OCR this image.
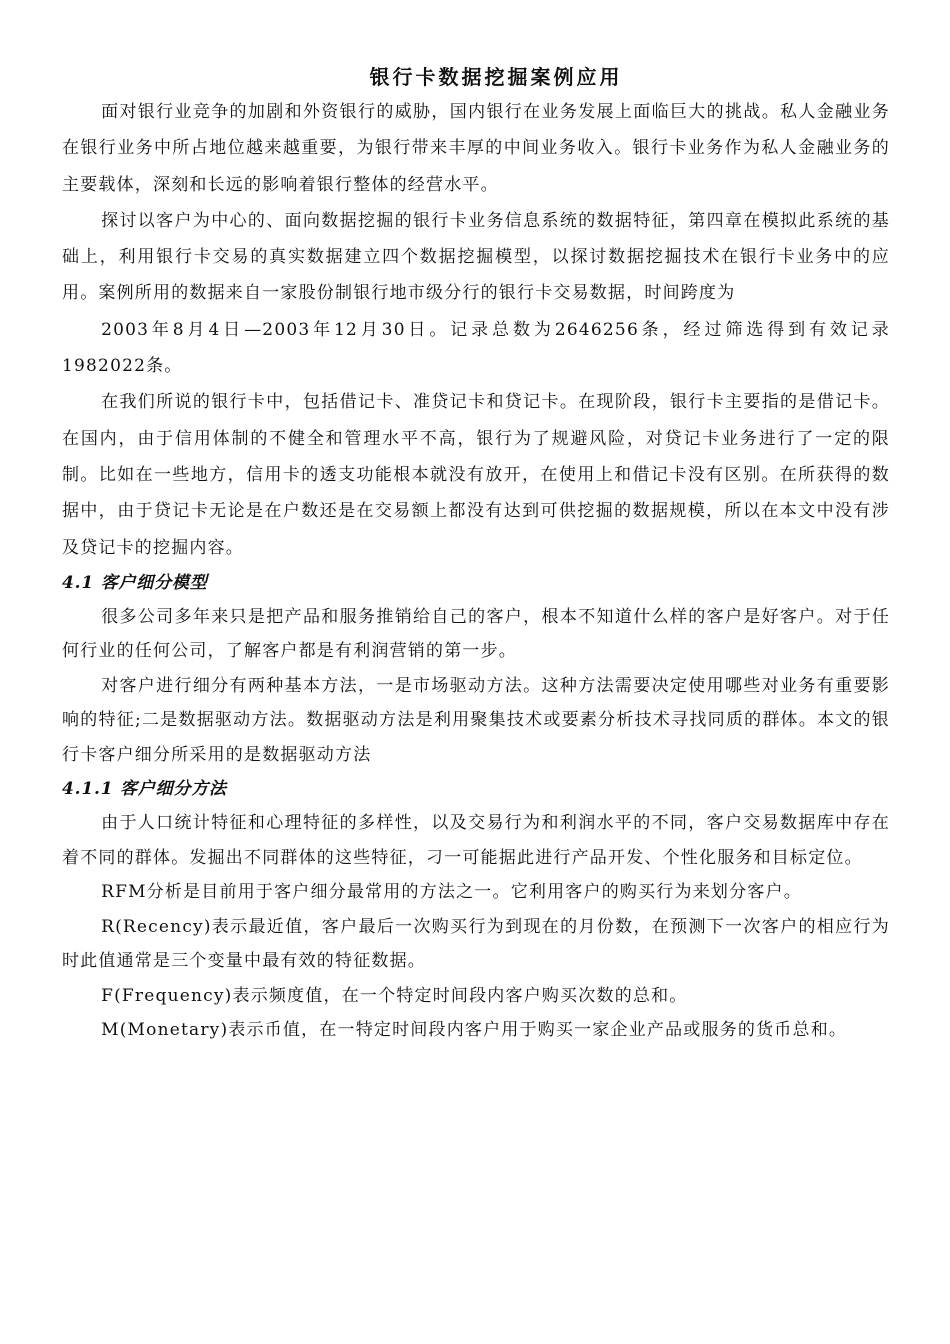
银行卡数据挖掘案例应用

面对银行业竞争的加剧和外资银行的威胁，国内银行在业务发展上面临巨大的挑战。私人金融业务在银行业务中所占地位越来越重要，为银行带来丰厚的中间业务收入。银行卡业务作为私人金融业务的主要载体，深刻和长远的影响着银行整体的经营水平。

探讨以客户为中心的、面向数据挖掘的银行卡业务信息系统的数据特征，第四章在模拟此系统的基础上，利用银行卡交易的真实数据建立四个数据挖掘模型，以探讨数据挖掘技术在银行卡业务中的应用。案例所用的数据来自一家股份制银行地市级分行的银行卡交易数据，时间跨度为

2003年8月4日—2003年12月30日。记录总数为2646256条，经过筛选得到有效记录1982022条。

在我们所说的银行卡中，包括借记卡、准贷记卡和贷记卡。在现阶段，银行卡主要指的是借记卡。在国内，由于信用体制的不健全和管理水平不高，银行为了规避风险，对贷记卡业务进行了一定的限制。比如在一些地方，信用卡的透支功能根本就没有放开，在使用上和借记卡没有区别。在所获得的数据中，由于贷记卡无论是在户数还是在交易额上都没有达到可供挖掘的数据规模，所以在本文中没有涉及贷记卡的挖掘内容。

4.1 客户细分模型

很多公司多年来只是把产品和服务推销给自己的客户，根本不知道什么样的客户是好客户。对于任何行业的任何公司，了解客户都是有利润营销的第一步。

对客户进行细分有两种基本方法，一是市场驱动方法。这种方法需要决定使用哪些对业务有重要影响的特征;二是数据驱动方法。数据驱动方法是利用聚集技术或要素分析技术寻找同质的群体。本文的银行卡客户细分所采用的是数据驱动方法

4.1.1 客户细分方法

由于人口统计特征和心理特征的多样性，以及交易行为和利润水平的不同，客户交易数据库中存在着不同的群体。发掘出不同群体的这些特征，刁一可能据此进行产品开发、个性化服务和目标定位。

RFM分析是目前用于客户细分最常用的方法之一。它利用客户的购买行为来划分客户。

R(Recency)表示最近值，客户最后一次购买行为到现在的月份数，在预测下一次客户的相应行为时此值通常是三个变量中最有效的特征数据。

F(Frequency)表示频度值，在一个特定时间段内客户购买次数的总和。

M(Monetary)表示币值，在一特定时间段内客户用于购买一家企业产品或服务的货币总和。
